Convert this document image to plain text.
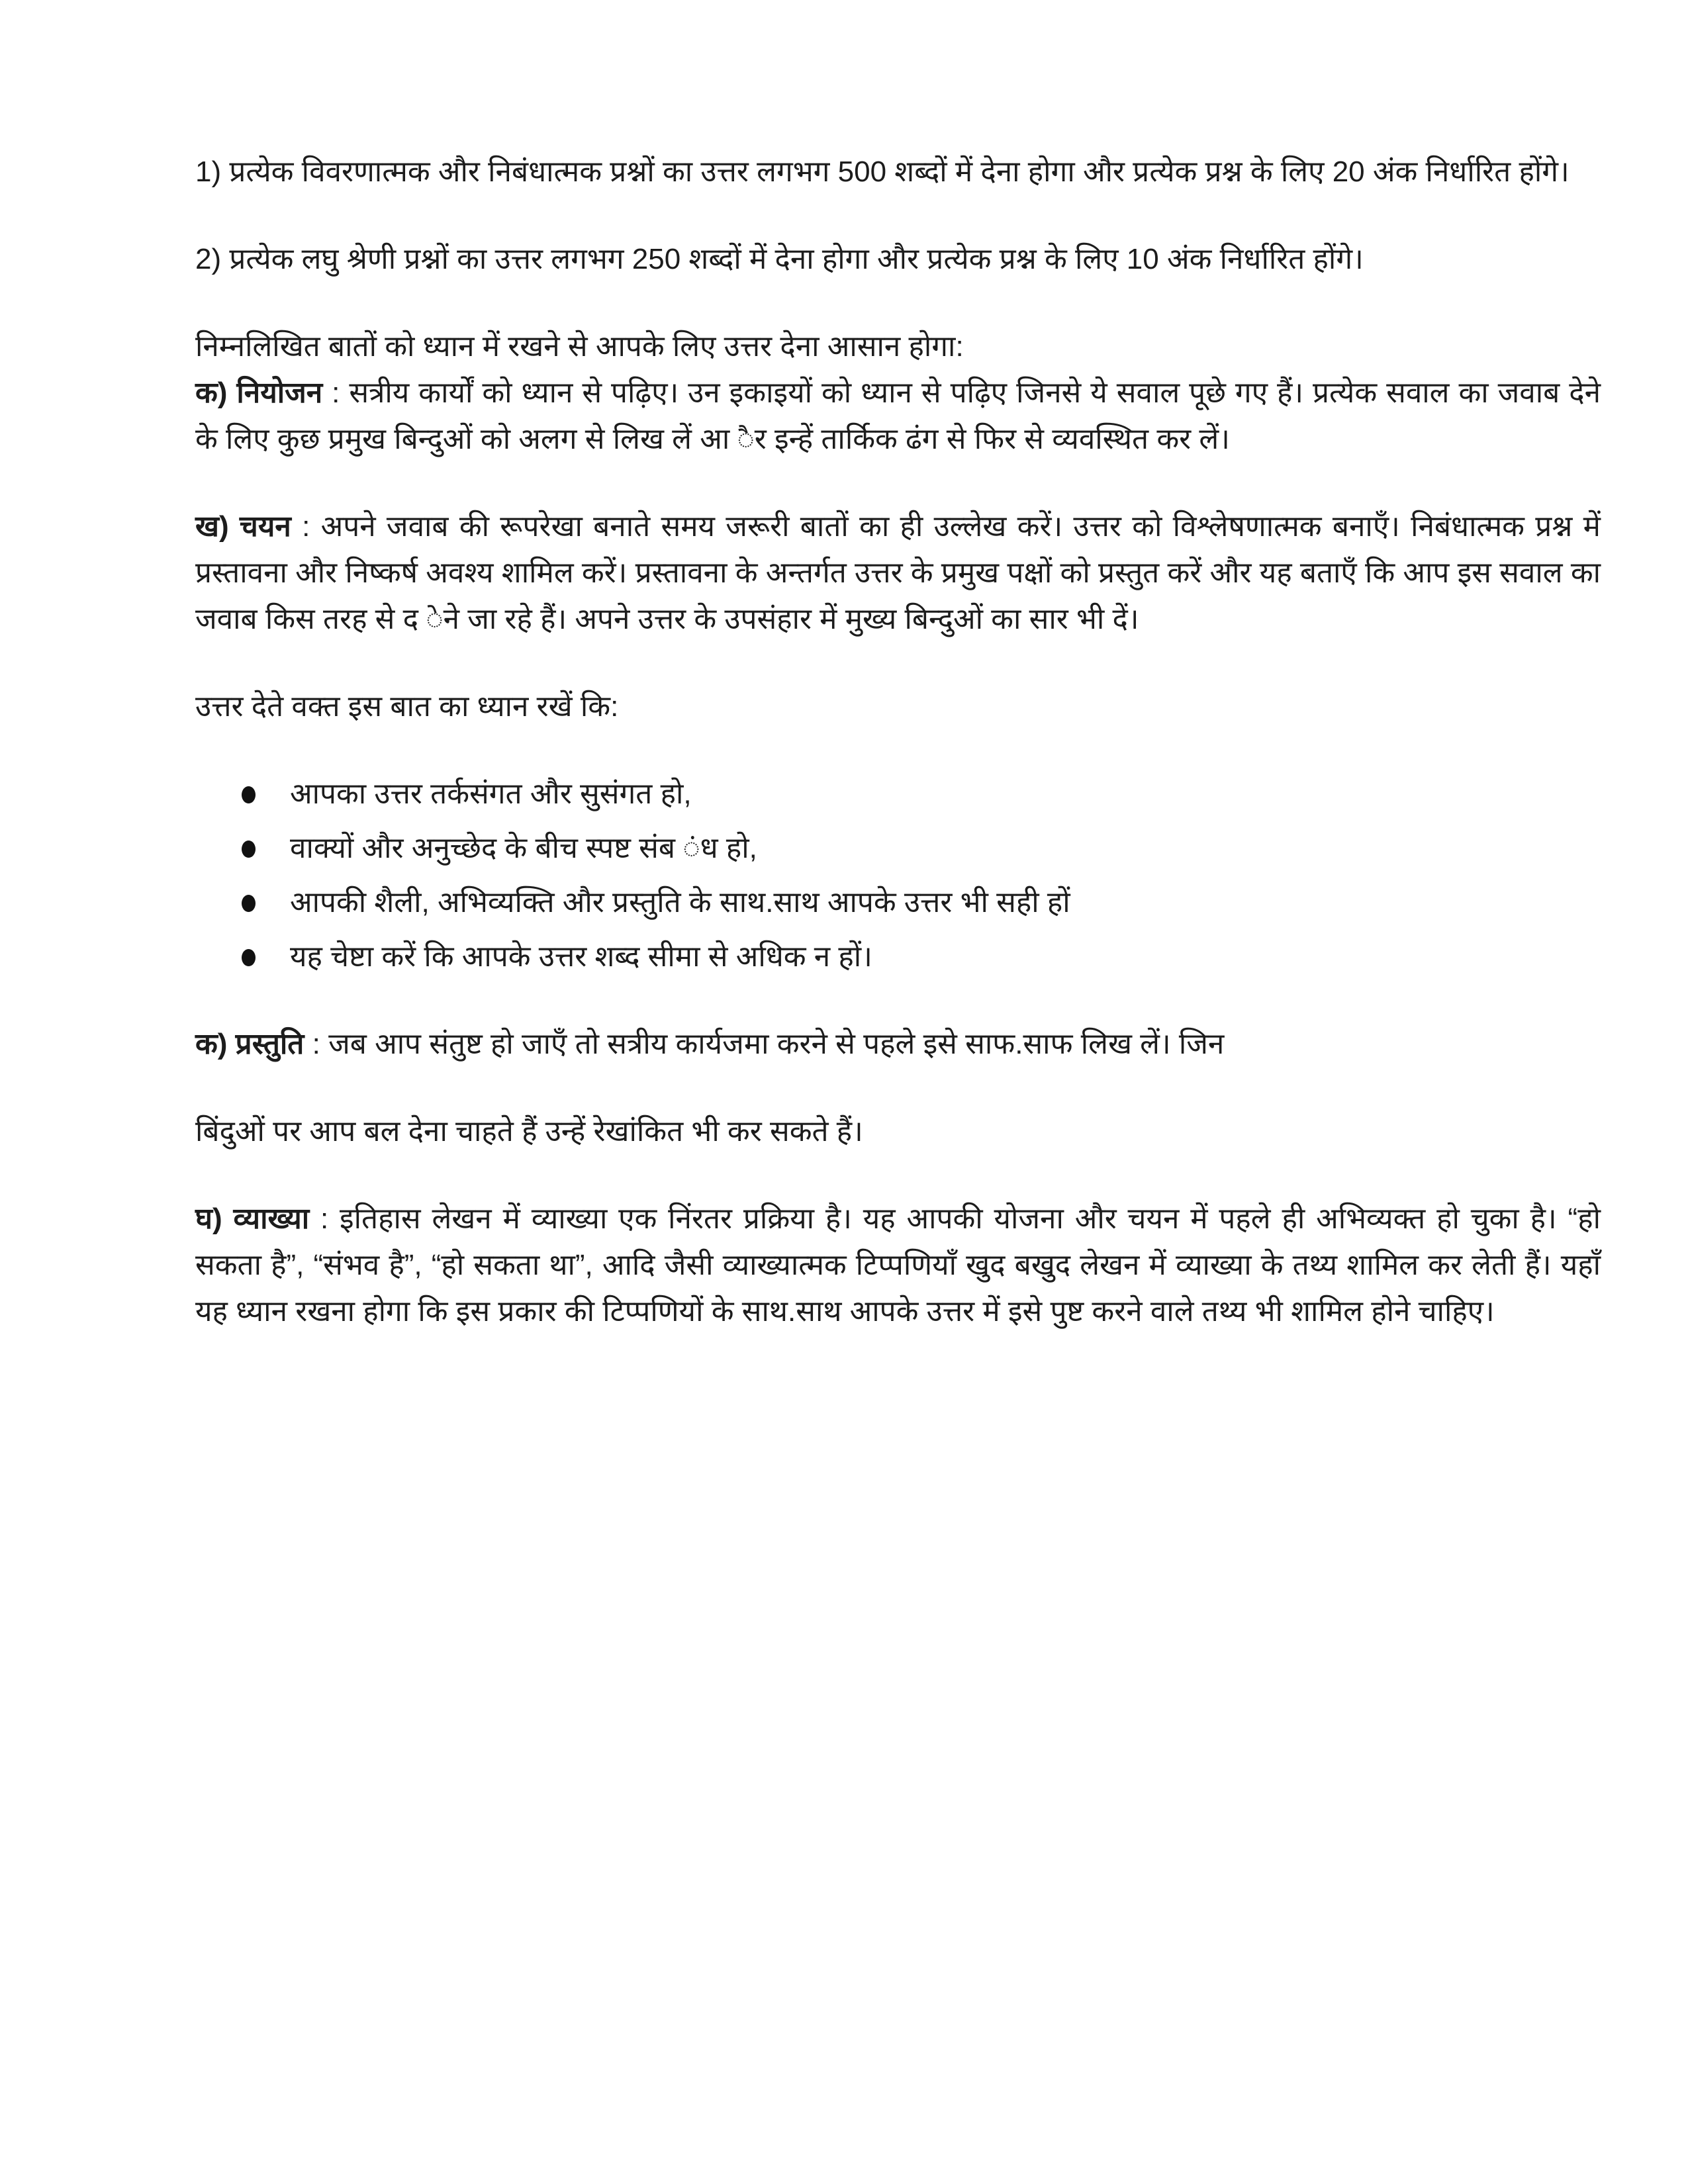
1) प्रत्येक विवरणात्मक और निबंधात्मक प्रश्नों का उत्तर लगभग 500 शब्दों में देना होगा और प्रत्येक प्रश्न के लिए 20 अंक निर्धारित होंगे।

2) प्रत्येक लघु श्रेणी प्रश्नों का उत्तर लगभग 250 शब्दों में देना होगा और प्रत्येक प्रश्न के लिए 10 अंक निर्धारित होंगे।

निम्नलिखित बातों को ध्यान में रखने से आपके लिए उत्तर देना आसान होगा:

क) नियोजन : सत्रीय कार्यों को ध्यान से पढ़िए। उन इकाइयों को ध्यान से पढ़िए जिनसे ये सवाल पूछे गए हैं। प्रत्येक सवाल का जवाब देने के लिए कुछ प्रमुख बिन्दुओं को अलग से लिख लें आ ैर इन्हें तार्किक ढंग से फिर से व्यवस्थित कर लें।

ख) चयन : अपने जवाब की रूपरेखा बनाते समय जरूरी बातों का ही उल्लेख करें। उत्तर को विश्लेषणात्मक बनाएँ। निबंधात्मक प्रश्न में प्रस्तावना और निष्कर्ष अवश्य शामिल करें। प्रस्तावना के अन्तर्गत उत्तर के प्रमुख पक्षों को प्रस्तुत करें और यह बताएँ कि आप इस सवाल का जवाब किस तरह से द ेने जा रहे हैं। अपने उत्तर के उपसंहार में मुख्य बिन्दुओं का सार भी दें।

उत्तर देते वक्त इस बात का ध्यान रखें कि:

आपका उत्तर तर्कसंगत और सुसंगत हो,
वाक्यों और अनुच्छेद के बीच स्पष्ट संब ंध हो,
आपकी शैली, अभिव्यक्ति और प्रस्तुति के साथ.साथ आपके उत्तर भी सही हों
यह चेष्टा करें कि आपके उत्तर शब्द सीमा से अधिक न हों।

क) प्रस्तुति : जब आप संतुष्ट हो जाएँ तो सत्रीय कार्यजमा करने से पहले इसे साफ.साफ लिख लें। जिन

बिंदुओं पर आप बल देना चाहते हैं उन्हें रेखांकित भी कर सकते हैं।

घ) व्याख्या : इतिहास लेखन में व्याख्या एक निंरतर प्रक्रिया है। यह आपकी योजना और चयन में पहले ही अभिव्यक्त हो चुका है। “हो सकता है”, “संभव है”, “हो सकता था”, आदि जैसी व्याख्यात्मक टिप्पणियाँ खुद बखुद लेखन में व्याख्या के तथ्य शामिल कर लेती हैं। यहाँ यह ध्यान रखना होगा कि इस प्रकार की टिप्पणियों के साथ.साथ आपके उत्तर में इसे पुष्ट करने वाले तथ्य भी शामिल होने चाहिए।
